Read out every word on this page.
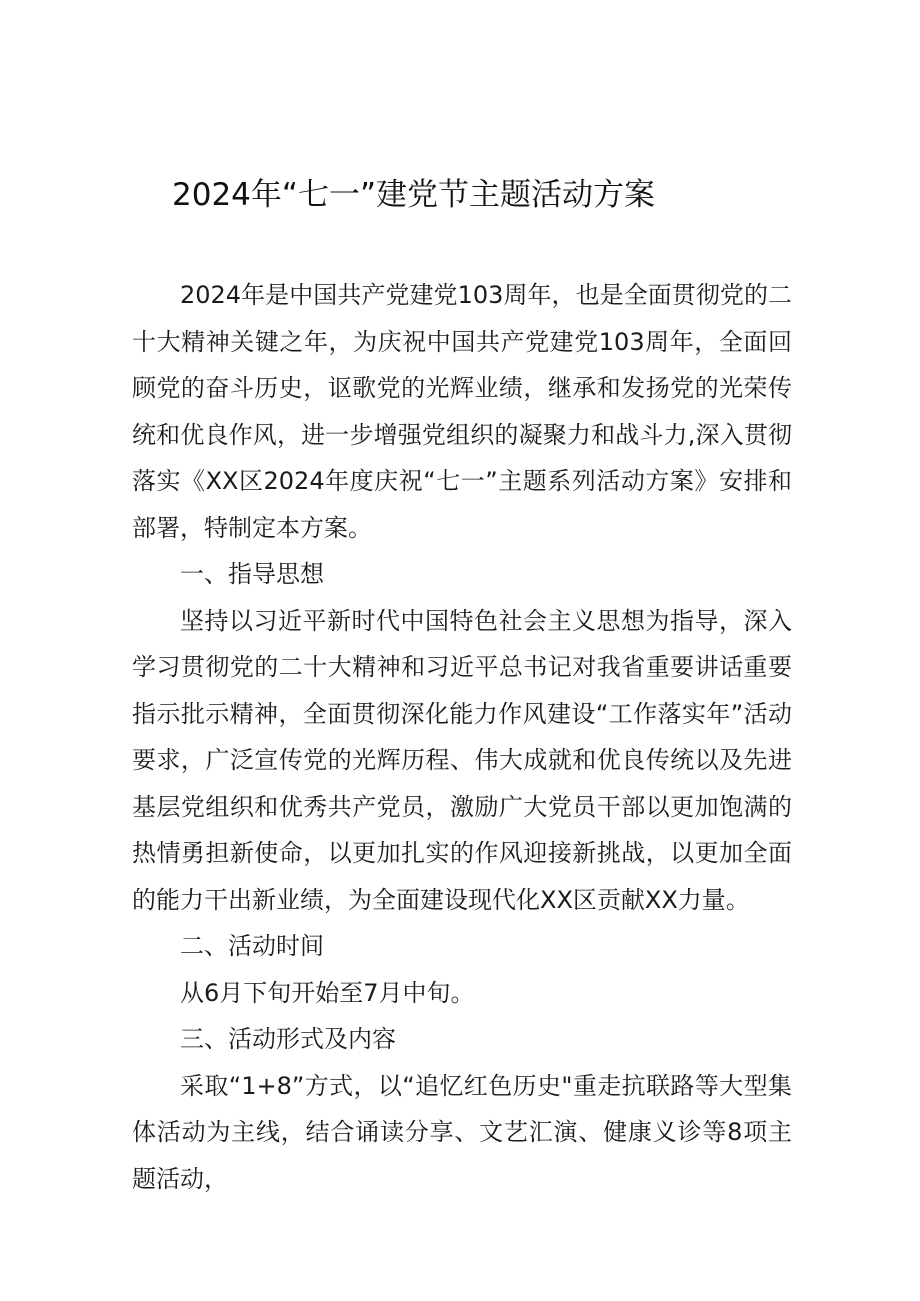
2024年“七一”建党节主题活动方案

2024年是中国共产党建党103周年，也是全面贯彻党的二十大精神关键之年，为庆祝中国共产党建党103周年，全面回顾党的奋斗历史，讴歌党的光辉业绩，继承和发扬党的光荣传统和优良作风，进一步增强党组织的凝聚力和战斗力,深入贯彻落实《XX区2024年度庆祝“七一”主题系列活动方案》安排和部署，特制定本方案。

一、指导思想

坚持以习近平新时代中国特色社会主义思想为指导，深入学习贯彻党的二十大精神和习近平总书记对我省重要讲话重要指示批示精神，全面贯彻深化能力作风建设“工作落实年”活动要求，广泛宣传党的光辉历程、伟大成就和优良传统以及先进基层党组织和优秀共产党员，激励广大党员干部以更加饱满的热情勇担新使命，以更加扎实的作风迎接新挑战，以更加全面的能力干出新业绩，为全面建设现代化XX区贡献XX力量。

二、活动时间

从6月下旬开始至7月中旬。

三、活动形式及内容

采取“1+8”方式，以“追忆红色历史"重走抗联路等大型集体活动为主线，结合诵读分享、文艺汇演、健康义诊等8项主题活动，
